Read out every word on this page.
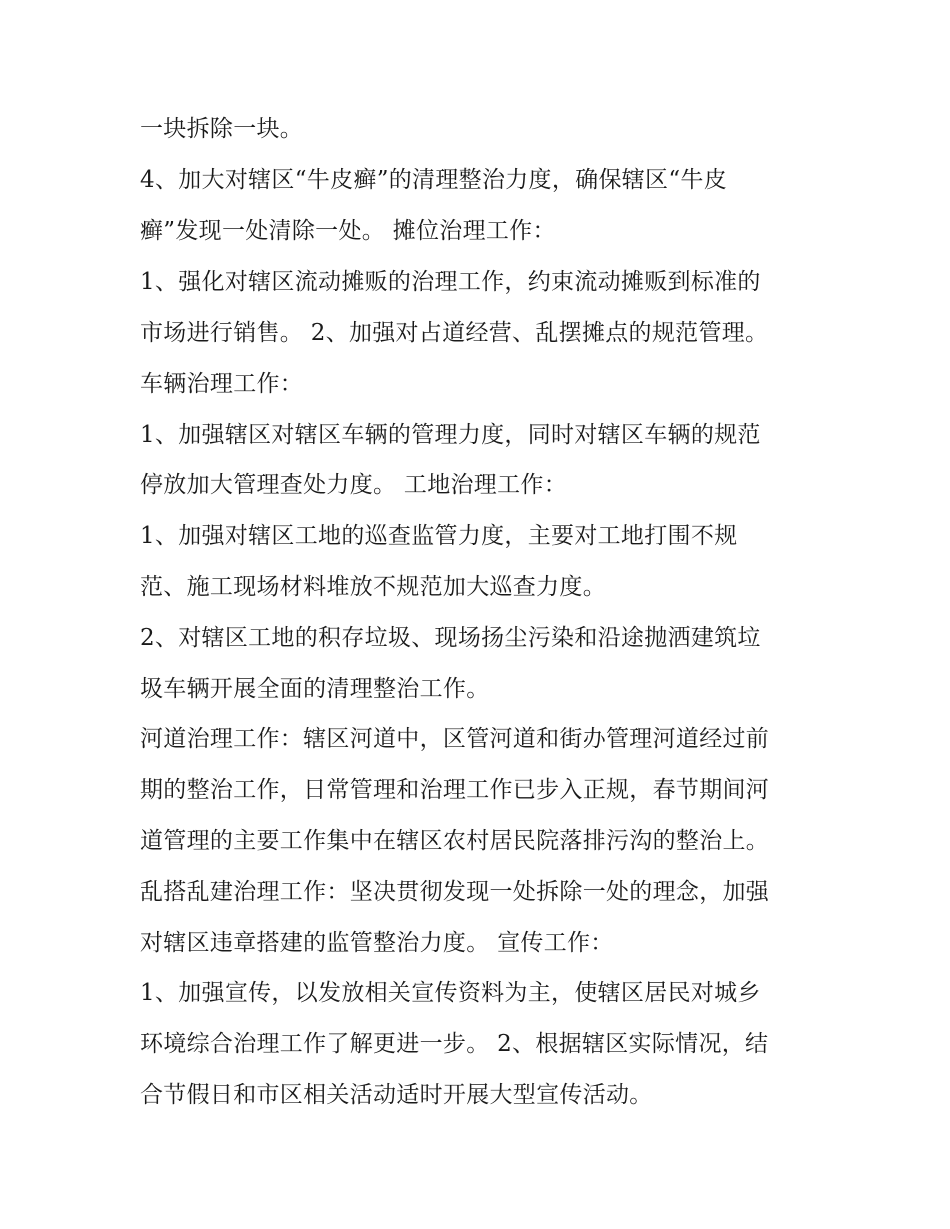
一块拆除一块。
4、加大对辖区“牛皮癣”的清理整治力度，确保辖区“牛皮
癣”发现一处清除一处。 摊位治理工作：
1、强化对辖区流动摊贩的治理工作，约束流动摊贩到标准的
市场进行销售。 2、加强对占道经营、乱摆摊点的规范管理。
车辆治理工作：
1、加强辖区对辖区车辆的管理力度，同时对辖区车辆的规范
停放加大管理查处力度。 工地治理工作：
1、加强对辖区工地的巡查监管力度，主要对工地打围不规
范、施工现场材料堆放不规范加大巡查力度。
2、对辖区工地的积存垃圾、现场扬尘污染和沿途抛洒建筑垃
圾车辆开展全面的清理整治工作。
河道治理工作：辖区河道中，区管河道和街办管理河道经过前
期的整治工作，日常管理和治理工作已步入正规，春节期间河
道管理的主要工作集中在辖区农村居民院落排污沟的整治上。
乱搭乱建治理工作：坚决贯彻发现一处拆除一处的理念，加强
对辖区违章搭建的监管整治力度。 宣传工作：
1、加强宣传，以发放相关宣传资料为主，使辖区居民对城乡
环境综合治理工作了解更进一步。 2、根据辖区实际情况，结
合节假日和市区相关活动适时开展大型宣传活动。
